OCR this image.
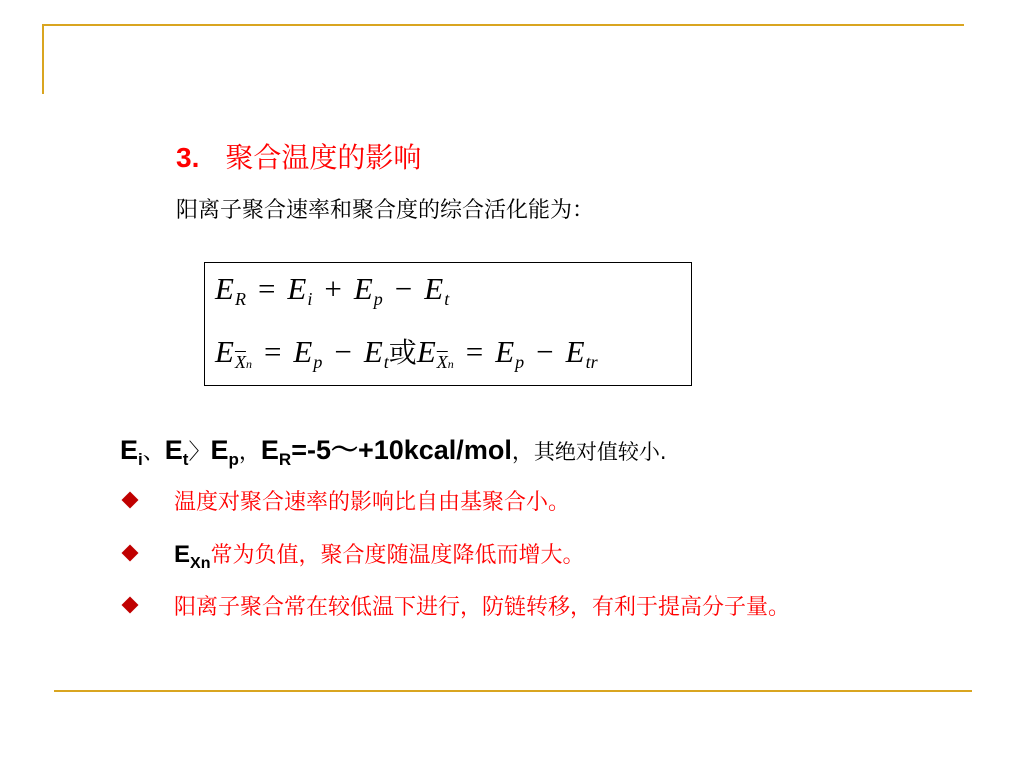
3. 聚合温度的影响
阳离子聚合速率和聚合度的综合活化能为：
$E_R = E_i + E_p - E_t$
$E_{\overline{X}n} = E_p - E_t$或$E_{\overline{X}n} = E_p - E_{tr}$
$E_i$、$E_t$〉$E_p$，$E_R=-5\sim+10kcal$/mol，其绝对值较小.
温度对聚合速率的影响比自由基聚合小。
$E_{Xn}$常为负值，聚合度随温度降低而增大。
阳离子聚合常在较低温下进行，防链转移，有利于提高分子量。
